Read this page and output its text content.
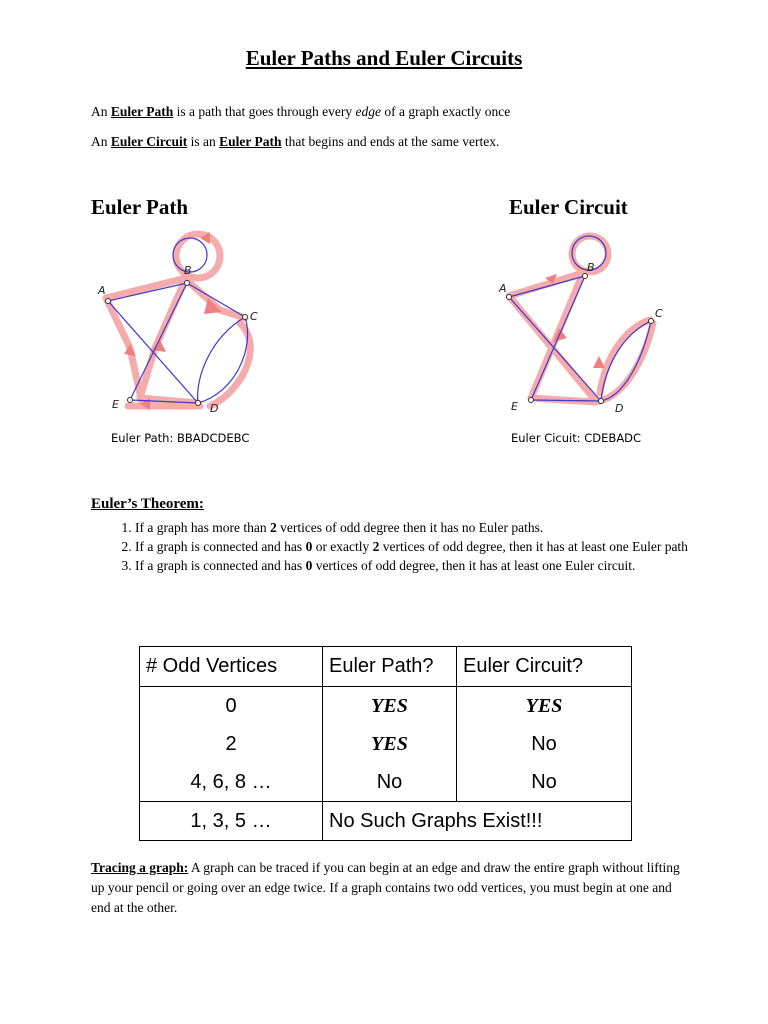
Euler Paths and Euler Circuits
An Euler Path is a path that goes through every edge of a graph exactly once
An Euler Circuit is an Euler Path that begins and ends at the same vertex.
Euler Path
B
A
C
E	D
Euler Path: BBADCDEBC
Euler Circuit
B
A
C
E	D
Euler Cicuit: CDEBADC
Euler’s Theorem:
1. If a graph has more than 2 vertices of odd degree then it has no Euler paths.
2. If a graph is connected and has 0 or exactly 2 vertices of odd degree, then it has at least one Euler path
3. If a graph is connected and has 0 vertices of odd degree, then it has at least one Euler circuit.
# Odd Vertices	Euler Path?	Euler Circuit?
0	YES	YES
2	YES	No
4, 6, 8 …	No	No
1, 3, 5 …	No Such Graphs Exist!!!	
Tracing a graph: A graph can be traced if you can begin at an edge and draw the entire graph without lifting up your pencil or going over an edge twice. If a graph contains two odd vertices, you must begin at one and end at the other.
